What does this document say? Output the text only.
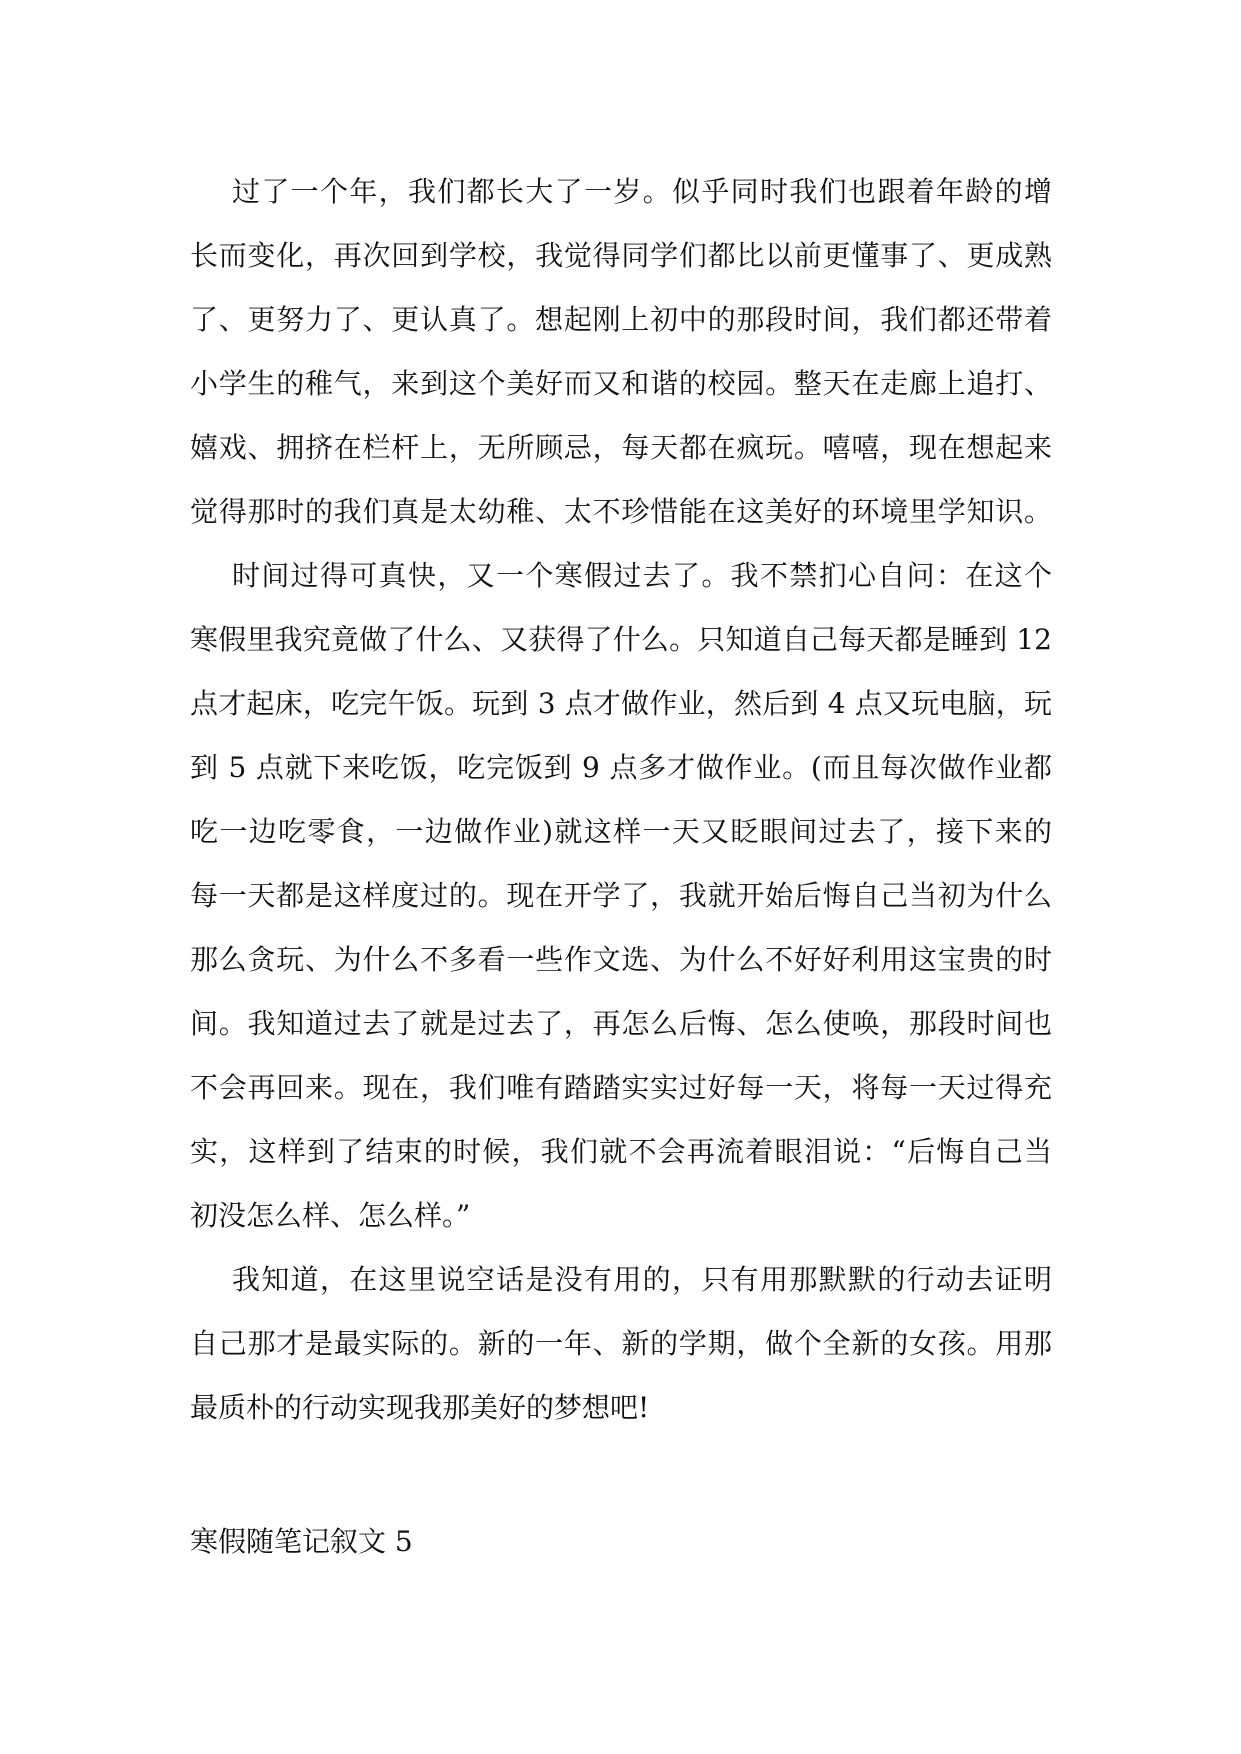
过了一个年，我们都长大了一岁。似乎同时我们也跟着年龄的增
长而变化，再次回到学校，我觉得同学们都比以前更懂事了、更成熟
了、更努力了、更认真了。想起刚上初中的那段时间，我们都还带着
小学生的稚气，来到这个美好而又和谐的校园。整天在走廊上追打、
嬉戏、拥挤在栏杆上，无所顾忌，每天都在疯玩。嘻嘻，现在想起来
觉得那时的我们真是太幼稚、太不珍惜能在这美好的环境里学知识。
时间过得可真快，又一个寒假过去了。我不禁扪心自问：在这个
寒假里我究竟做了什么、又获得了什么。只知道自己每天都是睡到 12
点才起床，吃完午饭。玩到 3 点才做作业，然后到 4 点又玩电脑，玩
到 5 点就下来吃饭，吃完饭到 9 点多才做作业。(而且每次做作业都
吃一边吃零食，一边做作业)就这样一天又眨眼间过去了，接下来的
每一天都是这样度过的。现在开学了，我就开始后悔自己当初为什么
那么贪玩、为什么不多看一些作文选、为什么不好好利用这宝贵的时
间。我知道过去了就是过去了，再怎么后悔、怎么使唤，那段时间也
不会再回来。现在，我们唯有踏踏实实过好每一天，将每一天过得充
实，这样到了结束的时候，我们就不会再流着眼泪说：“后悔自己当
初没怎么样、怎么样。”
我知道，在这里说空话是没有用的，只有用那默默的行动去证明
自己那才是最实际的。新的一年、新的学期，做个全新的女孩。用那
最质朴的行动实现我那美好的梦想吧!
寒假随笔记叙文 5
